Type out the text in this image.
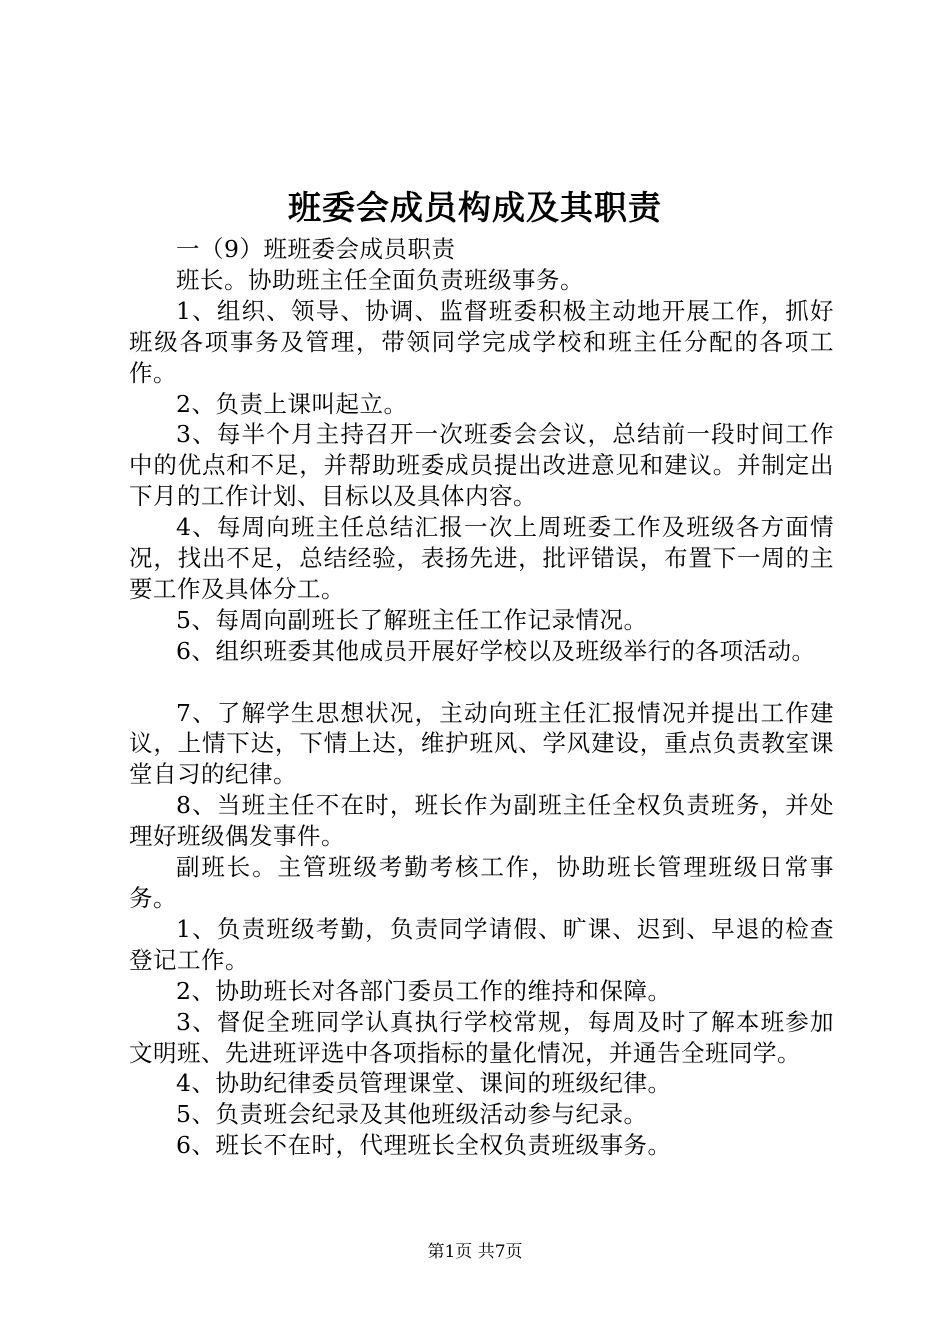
班委会成员构成及其职责

一（9）班班委会成员职责

班长。协助班主任全面负责班级事务。

1、组织、领导、协调、监督班委积极主动地开展工作，抓好班级各项事务及管理，带领同学完成学校和班主任分配的各项工作。

2、负责上课叫起立。

3、每半个月主持召开一次班委会会议，总结前一段时间工作中的优点和不足，并帮助班委成员提出改进意见和建议。并制定出下月的工作计划、目标以及具体内容。

4、每周向班主任总结汇报一次上周班委工作及班级各方面情况，找出不足，总结经验，表扬先进，批评错误，布置下一周的主要工作及具体分工。

5、每周向副班长了解班主任工作记录情况。

6、组织班委其他成员开展好学校以及班级举行的各项活动。

7、了解学生思想状况，主动向班主任汇报情况并提出工作建议，上情下达，下情上达，维护班风、学风建设，重点负责教室课堂自习的纪律。

8、当班主任不在时，班长作为副班主任全权负责班务，并处理好班级偶发事件。

副班长。主管班级考勤考核工作，协助班长管理班级日常事务。

1、负责班级考勤，负责同学请假、旷课、迟到、早退的检查登记工作。

2、协助班长对各部门委员工作的维持和保障。

3、督促全班同学认真执行学校常规，每周及时了解本班参加文明班、先进班评选中各项指标的量化情况，并通告全班同学。

4、协助纪律委员管理课堂、课间的班级纪律。

5、负责班会纪录及其他班级活动参与纪录。

6、班长不在时，代理班长全权负责班级事务。

第1页 共7页
